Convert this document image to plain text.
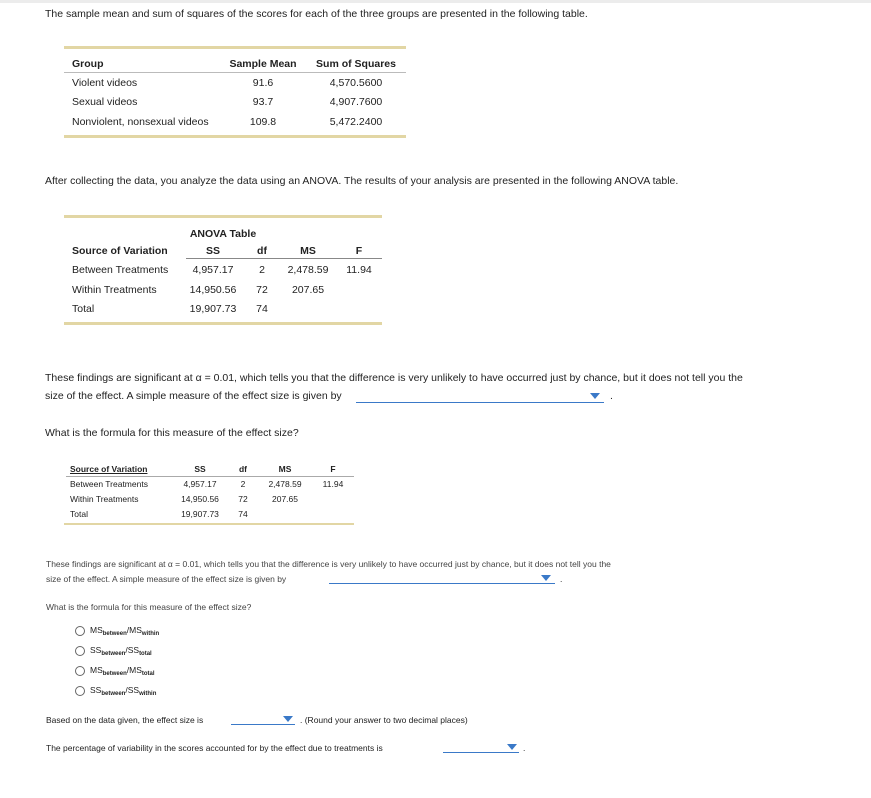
The sample mean and sum of squares of the scores for each of the three groups are presented in the following table.
Group	Sample Mean	Sum of Squares
Violent videos	91.6	4,570.5600
Sexual videos	93.7	4,907.7600
Nonviolent, nonsexual videos	109.8	5,472.2400
After collecting the data, you analyze the data using an ANOVA. The results of your analysis are presented in the following ANOVA table.
ANOVA Table
Source of Variation	SS	df	MS	F
Between Treatments	4,957.17	2	2,478.59	11.94
Within Treatments	14,950.56	72	207.65
Total	19,907.73	74
These findings are significant at α = 0.01, which tells you that the difference is very unlikely to have occurred just by chance, but it does not tell you the
size of the effect. A simple measure of the effect size is given by	.
What is the formula for this measure of the effect size?
Source of Variation	SS	df	MS	F
Between Treatments	4,957.17	2	2,478.59	11.94
Within Treatments	14,950.56	72	207.65
Total	19,907.73	74
These findings are significant at α = 0.01, which tells you that the difference is very unlikely to have occurred just by chance, but it does not tell you the
size of the effect. A simple measure of the effect size is given by	.
What is the formula for this measure of the effect size?
$MS_{between}/MS_{within}$
$SS_{between}/SS_{total}$
$MS_{between}/MS_{total}$
$SS_{between}/SS_{within}$
Based on the data given, the effect size is	. (Round your answer to two decimal places)
The percentage of variability in the scores accounted for by the effect due to treatments is	.
